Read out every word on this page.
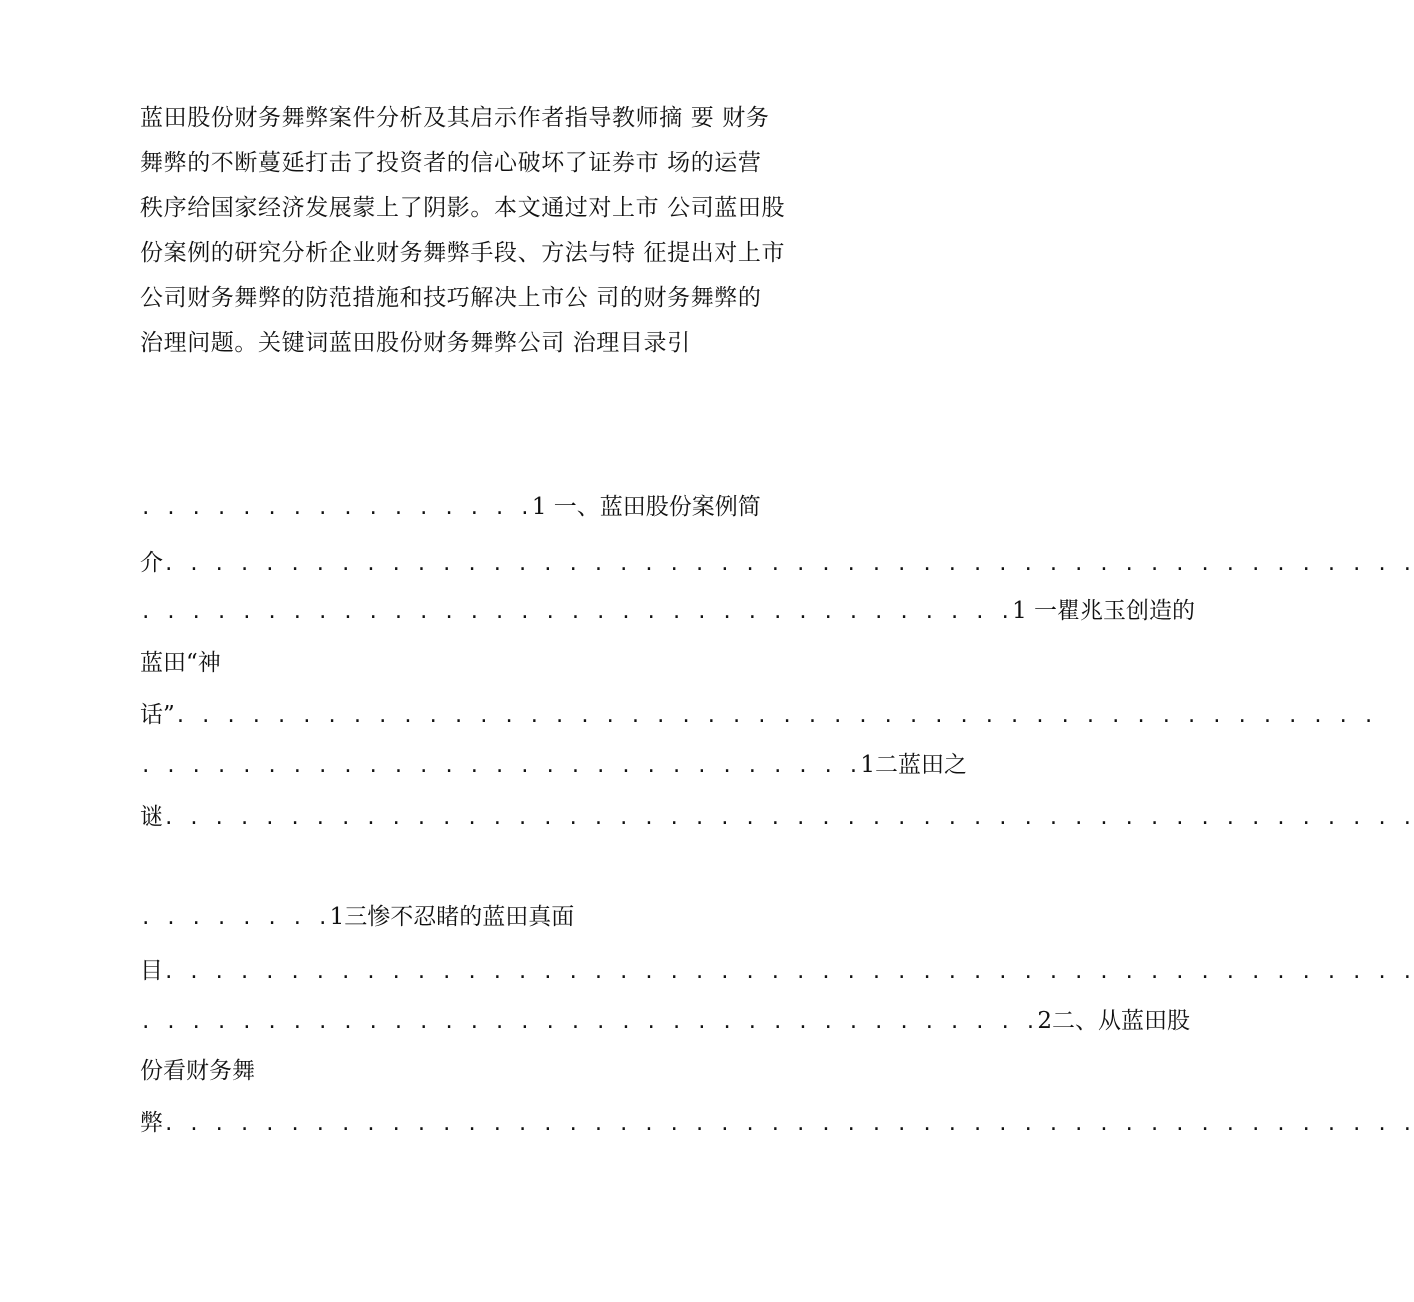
蓝田股份财务舞弊案件分析及其启示作者指导教师摘 要 财务
舞弊的不断蔓延打击了投资者的信心破坏了证券市 场的运营
秩序给国家经济发展蒙上了阴影。本文通过对上市 公司蓝田股
份案例的研究分析企业财务舞弊手段、方法与特 征提出对上市
公司财务舞弊的防范措施和技巧解决上市公 司的财务舞弊的
治理问题。关键词蓝田股份财务舞弊公司 治理目录引
. . . . . . . . . . . . . . . .1 一、蓝田股份案例简
介. . . . . . . . . . . . . . . . . . . . . . . . . . . . . . . . . . . . . . . . . . . . . . . . . .
. . . . . . . . . . . . . . . . . . . . . . . . . . . . . . . . . . .1 一瞿兆玉创造的
蓝田“神
话”. . . . . . . . . . . . . . . . . . . . . . . . . . . . . . . . . . . . . . . . . . . . . . . .
. . . . . . . . . . . . . . . . . . . . . . . . . . . . .1二蓝田之
谜. . . . . . . . . . . . . . . . . . . . . . . . . . . . . . . . . . . . . . . . . . . . . . . . . .
. . . . . . . .1三惨不忍睹的蓝田真面
目. . . . . . . . . . . . . . . . . . . . . . . . . . . . . . . . . . . . . . . . . . . . . . . . . .
. . . . . . . . . . . . . . . . . . . . . . . . . . . . . . . . . . . .2二、从蓝田股
份看财务舞
弊. . . . . . . . . . . . . . . . . . . . . . . . . . . . . . . . . . . . . . . . . . . . . . . . . .
